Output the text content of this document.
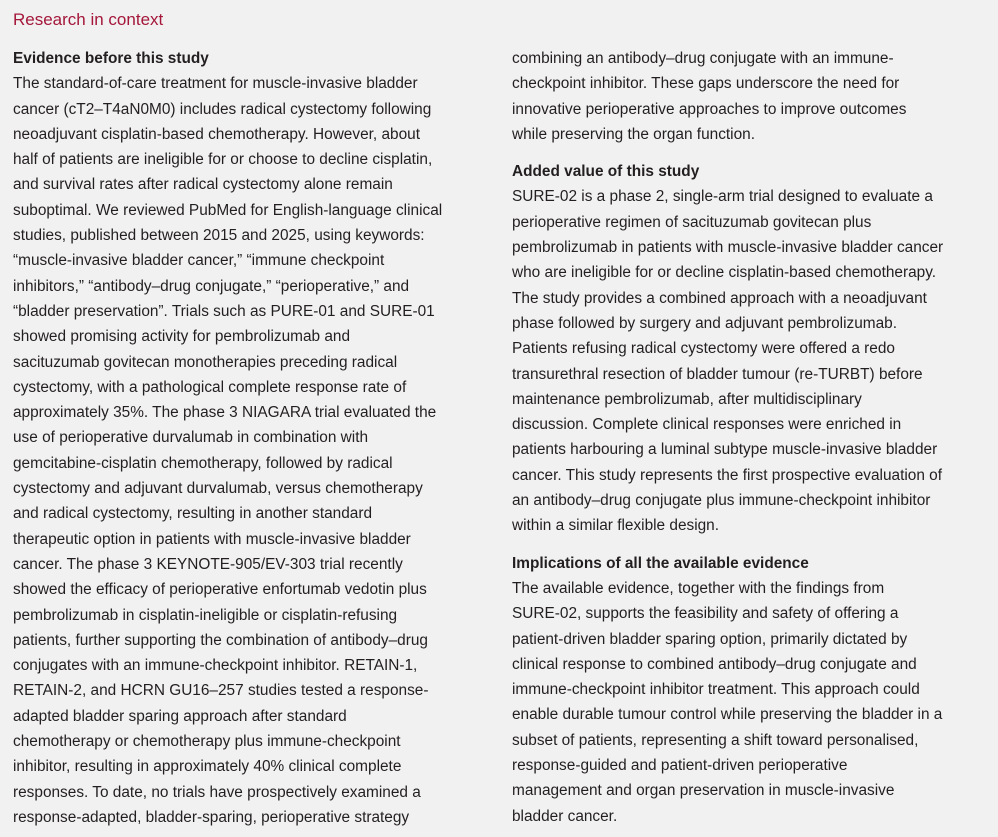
Research in context
Evidence before this study
The standard-of-care treatment for muscle-invasive bladder
cancer (cT2–T4aN0M0) includes radical cystectomy following
neoadjuvant cisplatin-based chemotherapy. However, about
half of patients are ineligible for or choose to decline cisplatin,
and survival rates after radical cystectomy alone remain
suboptimal. We reviewed PubMed for English-language clinical
studies, published between 2015 and 2025, using keywords:
“muscle-invasive bladder cancer,” “immune checkpoint
inhibitors,” “antibody–drug conjugate,” “perioperative,” and
“bladder preservation”. Trials such as PURE-01 and SURE-01
showed promising activity for pembrolizumab and
sacituzumab govitecan monotherapies preceding radical
cystectomy, with a pathological complete response rate of
approximately 35%. The phase 3 NIAGARA trial evaluated the
use of perioperative durvalumab in combination with
gemcitabine-cisplatin chemotherapy, followed by radical
cystectomy and adjuvant durvalumab, versus chemotherapy
and radical cystectomy, resulting in another standard
therapeutic option in patients with muscle-invasive bladder
cancer. The phase 3 KEYNOTE-905/EV-303 trial recently
showed the efficacy of perioperative enfortumab vedotin plus
pembrolizumab in cisplatin-ineligible or cisplatin-refusing
patients, further supporting the combination of antibody–drug
conjugates with an immune-checkpoint inhibitor. RETAIN-1,
RETAIN-2, and HCRN GU16–257 studies tested a response-
adapted bladder sparing approach after standard
chemotherapy or chemotherapy plus immune-checkpoint
inhibitor, resulting in approximately 40% clinical complete
responses. To date, no trials have prospectively examined a
response-adapted, bladder-sparing, perioperative strategy
combining an antibody–drug conjugate with an immune-
checkpoint inhibitor. These gaps underscore the need for
innovative perioperative approaches to improve outcomes
while preserving the organ function.
Added value of this study
SURE-02 is a phase 2, single-arm trial designed to evaluate a
perioperative regimen of sacituzumab govitecan plus
pembrolizumab in patients with muscle-invasive bladder cancer
who are ineligible for or decline cisplatin-based chemotherapy.
The study provides a combined approach with a neoadjuvant
phase followed by surgery and adjuvant pembrolizumab.
Patients refusing radical cystectomy were offered a redo
transurethral resection of bladder tumour (re-TURBT) before
maintenance pembrolizumab, after multidisciplinary
discussion. Complete clinical responses were enriched in
patients harbouring a luminal subtype muscle-invasive bladder
cancer. This study represents the first prospective evaluation of
an antibody–drug conjugate plus immune-checkpoint inhibitor
within a similar flexible design.
Implications of all the available evidence
The available evidence, together with the findings from
SURE-02, supports the feasibility and safety of offering a
patient-driven bladder sparing option, primarily dictated by
clinical response to combined antibody–drug conjugate and
immune-checkpoint inhibitor treatment. This approach could
enable durable tumour control while preserving the bladder in a
subset of patients, representing a shift toward personalised,
response-guided and patient-driven perioperative
management and organ preservation in muscle-invasive
bladder cancer.
